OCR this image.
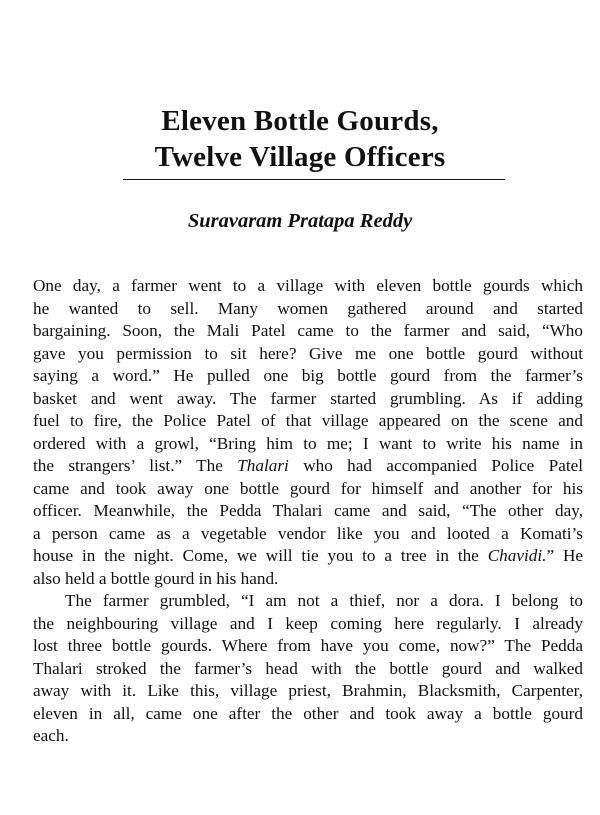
Eleven Bottle Gourds,
Twelve Village Officers

Suravaram Pratapa Reddy

One day, a farmer went to a village with eleven bottle gourds which
he wanted to sell. Many women gathered around and started
bargaining. Soon, the Mali Patel came to the farmer and said, “Who
gave you permission to sit here? Give me one bottle gourd without
saying a word.” He pulled one big bottle gourd from the farmer’s
basket and went away. The farmer started grumbling. As if adding
fuel to fire, the Police Patel of that village appeared on the scene and
ordered with a growl, “Bring him to me; I want to write his name in
the strangers’ list.” The Thalari who had accompanied Police Patel
came and took away one bottle gourd for himself and another for his
officer. Meanwhile, the Pedda Thalari came and said, “The other day,
a person came as a vegetable vendor like you and looted a Komati’s
house in the night. Come, we will tie you to a tree in the Chavidi.” He
also held a bottle gourd in his hand.
The farmer grumbled, “I am not a thief, nor a dora. I belong to
the neighbouring village and I keep coming here regularly. I already
lost three bottle gourds. Where from have you come, now?” The Pedda
Thalari stroked the farmer’s head with the bottle gourd and walked
away with it. Like this, village priest, Brahmin, Blacksmith, Carpenter,
eleven in all, came one after the other and took away a bottle gourd
each.
